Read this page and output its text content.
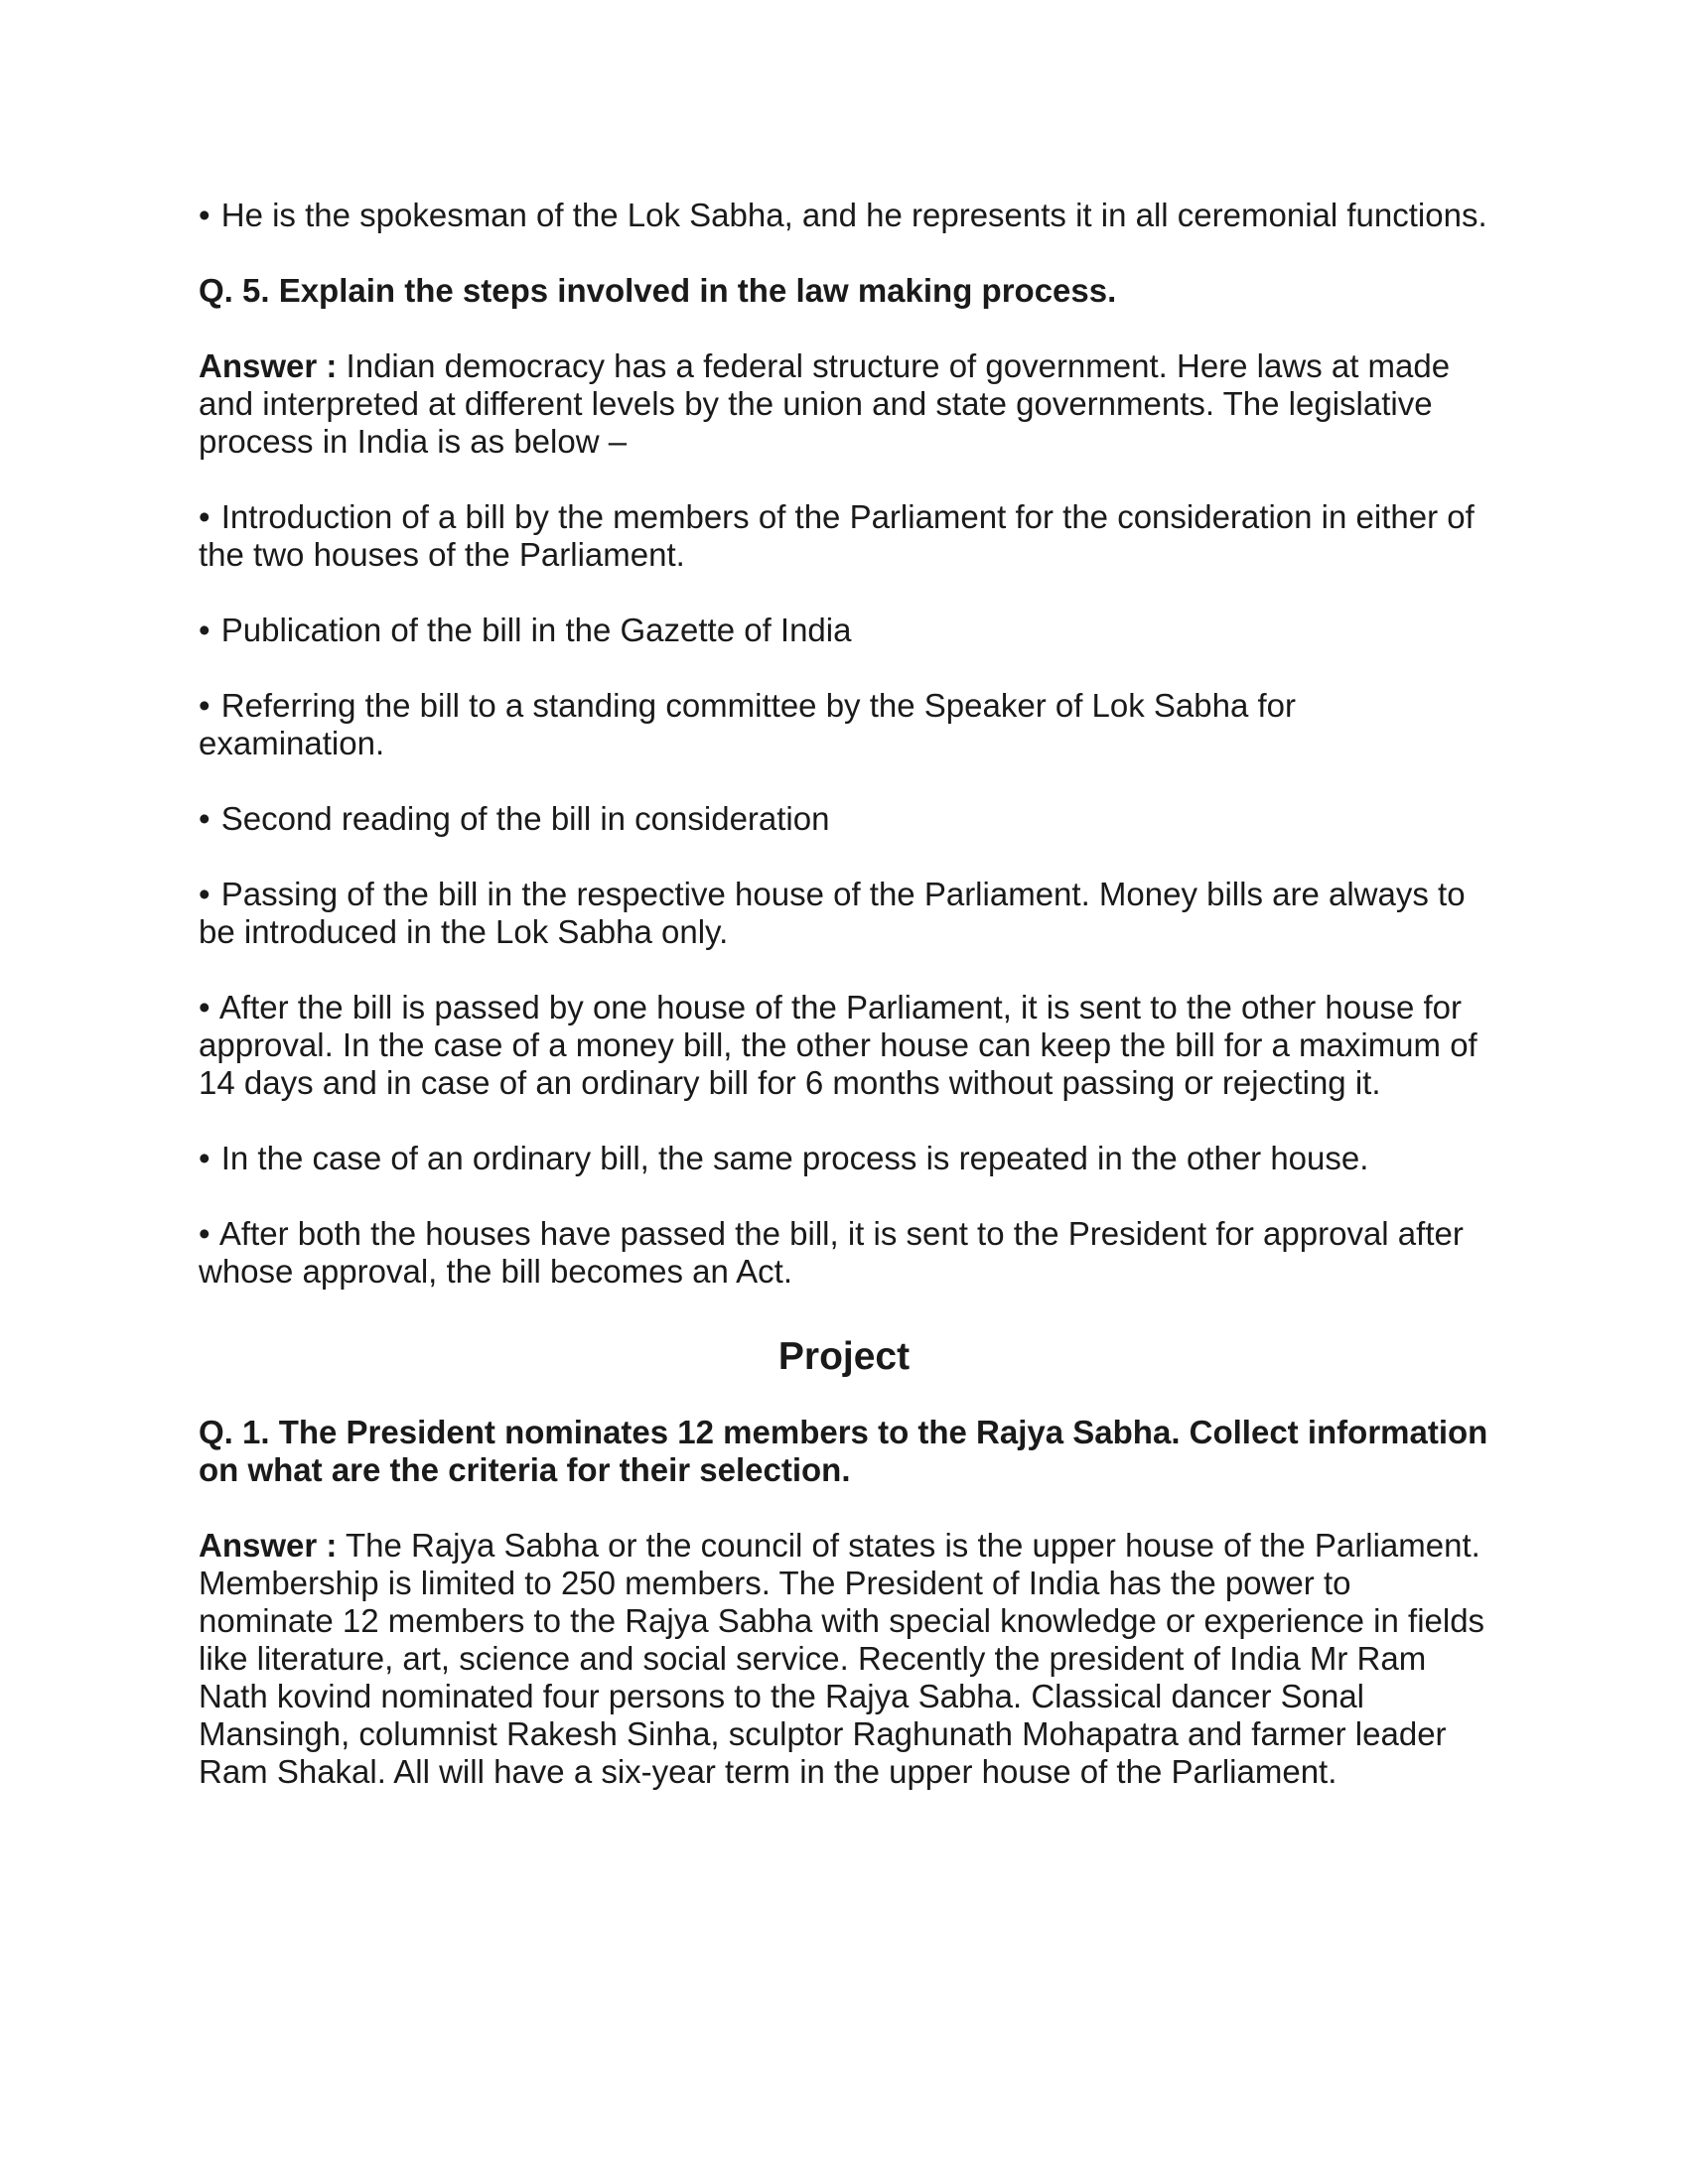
• He is the spokesman of the Lok Sabha, and he represents it in all ceremonial functions.

Q. 5. Explain the steps involved in the law making process.

Answer : Indian democracy has a federal structure of government. Here laws at made and interpreted at different levels by the union and state governments. The legislative process in India is as below –

• Introduction of a bill by the members of the Parliament for the consideration in either of the two houses of the Parliament.

• Publication of the bill in the Gazette of India

• Referring the bill to a standing committee by the Speaker of Lok Sabha for examination.

• Second reading of the bill in consideration

• Passing of the bill in the respective house of the Parliament. Money bills are always to be introduced in the Lok Sabha only.

• After the bill is passed by one house of the Parliament, it is sent to the other house for approval. In the case of a money bill, the other house can keep the bill for a maximum of 14 days and in case of an ordinary bill for 6 months without passing or rejecting it.

• In the case of an ordinary bill, the same process is repeated in the other house.

• After both the houses have passed the bill, it is sent to the President for approval after whose approval, the bill becomes an Act.

Project

Q. 1. The President nominates 12 members to the Rajya Sabha. Collect information on what are the criteria for their selection.

Answer : The Rajya Sabha or the council of states is the upper house of the Parliament. Membership is limited to 250 members. The President of India has the power to nominate 12 members to the Rajya Sabha with special knowledge or experience in fields like literature, art, science and social service. Recently the president of India Mr Ram Nath kovind nominated four persons to the Rajya Sabha. Classical dancer Sonal Mansingh, columnist Rakesh Sinha, sculptor Raghunath Mohapatra and farmer leader Ram Shakal. All will have a six-year term in the upper house of the Parliament.
